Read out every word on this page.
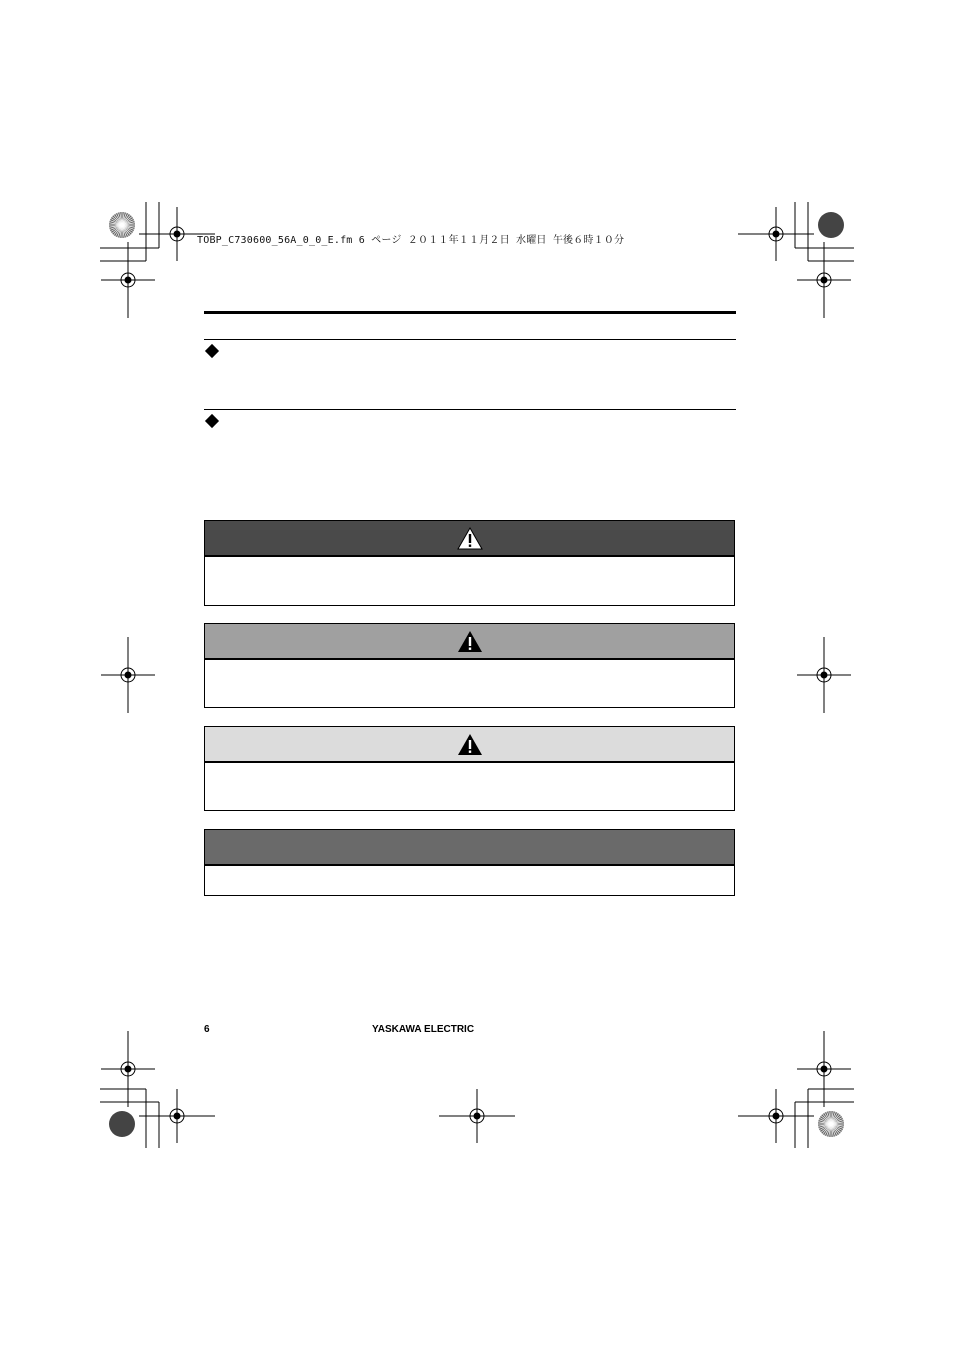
TOBP_C730600_56A_0_0_E.fm 6 ページ ２０１１年１１月２日 水曜日 午後６時１０分
6	YASKAWA ELECTRIC
